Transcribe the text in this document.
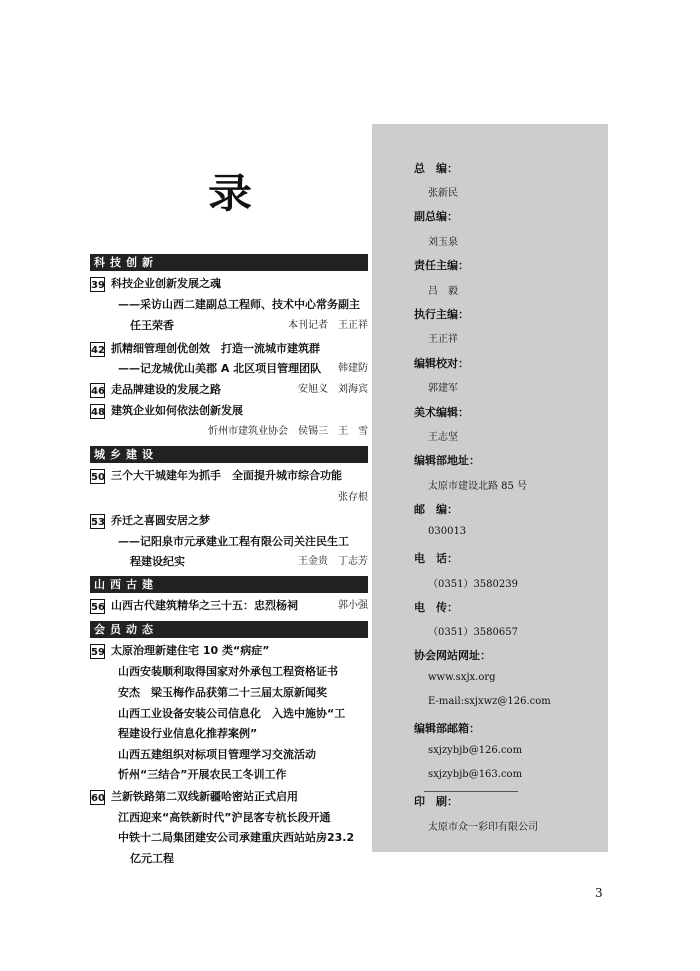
录
科技创新
39 科技企业创新发展之魂
——采访山西二建副总工程师、技术中心常务副主
任王荣香	本刊记者　王正祥
42 抓精细管理创优创效　打造一流城市建筑群
——记龙城优山美郡 A 北区项目管理团队 韩建防
46 走品牌建设的发展之路	安旭义　刘海宾
48 建筑企业如何依法创新发展
忻州市建筑业协会　侯锡三　王　雪
城乡建设
50 三个大干城建年为抓手　全面提升城市综合功能
张存根
53 乔迁之喜圆安居之梦
——记阳泉市元承建业工程有限公司关注民生工
程建设纪实	王金贵　丁志芳
山西古建
56 山西古代建筑精华之三十五：忠烈杨祠	郭小强
会员动态
59 太原治理新建住宅 10 类“病症”
山西安装顺利取得国家对外承包工程资格证书
安杰　梁玉梅作品获第二十三届太原新闻奖
山西工业设备安装公司信息化　入选中施协“工
程建设行业信息化推荐案例”
山西五建组织对标项目管理学习交流活动
忻州“三结合”开展农民工冬训工作
60 兰新铁路第二双线新疆哈密站正式启用
江西迎来“高铁新时代”沪昆客专杭长段开通
中铁十二局集团建安公司承建重庆西站站房23.2
亿元工程
总　编：
张新民
副总编：
刘玉泉
责任主编：
吕　毅
执行主编：
王正祥
编辑校对：
郭建军
美术编辑：
王志坚
编辑部地址：
太原市建设北路 85 号
邮　编：
030013
电　话：
（0351）3580239
电　传：
（0351）3580657
协会网站网址：
www.sxjx.org
E-mail:sxjxwz@126.com
编辑部邮箱：
sxjzybjb@126.com
sxjzybjb@163.com
印　刷：
太原市众一彩印有限公司
3
